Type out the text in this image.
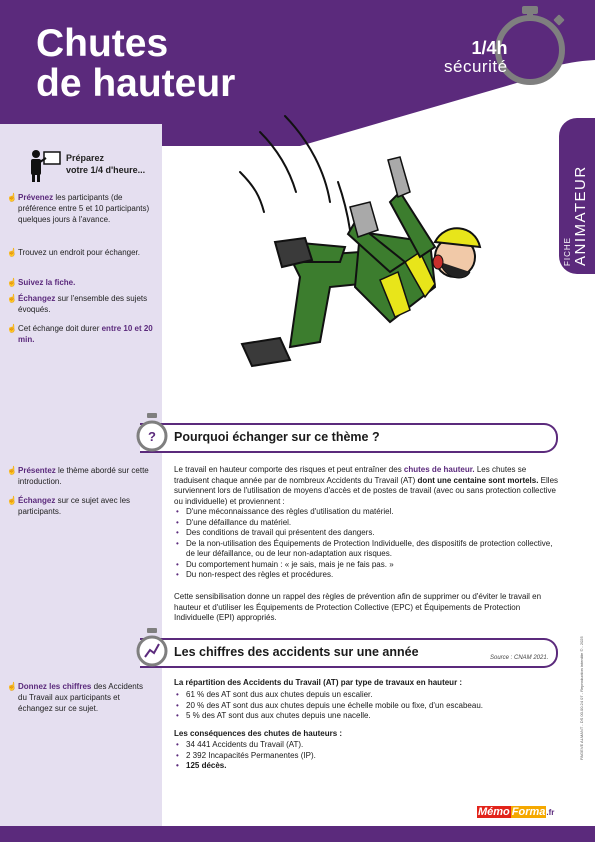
Chutes
de hauteur
1/4h
sécurité
Préparez
votre 1/4 d'heure...
☝ Prévenez les participants (de préférence entre 5 et 10 participants) quelques jours à l'avance.
☝ Trouvez un endroit pour échanger.
☝ Suivez la fiche.
☝ Échangez sur l'ensemble des sujets évoqués.
☝ Cet échange doit durer entre 10 et 20 min.
FICHE ANIMATEUR
? Pourquoi échanger sur ce thème ?
☝ Présentez le thème abordé sur cette introduction.
☝ Échangez sur ce sujet avec les participants.
Le travail en hauteur comporte des risques et peut entraîner des chutes de hauteur. Les chutes se traduisent chaque année par de nombreux Accidents du Travail (AT) dont une centaine sont mortels. Elles surviennent lors de l'utilisation de moyens d'accès et de postes de travail (avec ou sans protection collective ou individuelle) et proviennent :
• D'une méconnaissance des règles d'utilisation du matériel.
• D'une défaillance du matériel.
• Des conditions de travail qui présentent des dangers.
• De la non-utilisation des Équipements de Protection Individuelle, des dispositifs de protection collective, de leur défaillance, ou de leur non-adaptation aux risques.
• Du comportement humain : « je sais, mais je ne fais pas. »
• Du non-respect des règles et procédures.
Cette sensibilisation donne un rappel des règles de prévention afin de supprimer ou d'éviter le travail en hauteur et d'utiliser les Équipements de Protection Collective (EPC) et Équipements de Protection Individuelle (EPI) appropriés.
Les chiffres des accidents sur une année	Source : CNAM 2021.
☝ Donnez les chiffres des Accidents du Travail aux participants et échangez sur ce sujet.
La répartition des Accidents du Travail (AT) par type de travaux en hauteur :
• 61 % des AT sont dus aux chutes depuis un escalier.
• 20 % des AT sont dus aux chutes depuis une échelle mobile ou fixe, d'un escabeau.
• 5 % des AT sont dus aux chutes depuis une nacelle.
Les conséquences des chutes de hauteurs :
• 34 441 Accidents du Travail (AT).
• 2 392 Incapacités Permanentes (IP).
• 125 décès.
PAGEVE ALMANT - DS 00.00.24 07 - Reproduction interdite © - 2025
Mémo Forma.fr
